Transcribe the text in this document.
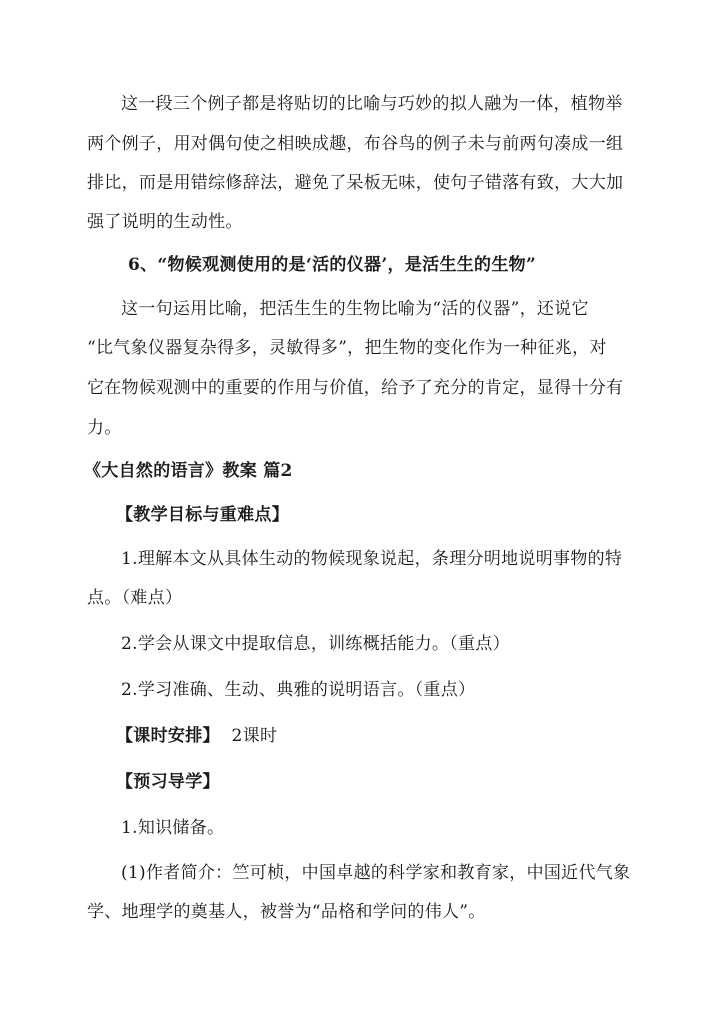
这一段三个例子都是将贴切的比喻与巧妙的拟人融为一体，植物举
两个例子，用对偶句使之相映成趣，布谷鸟的例子未与前两句凑成一组
排比，而是用错综修辞法，避免了呆板无味，使句子错落有致，大大加
强了说明的生动性。
6、“物候观测使用的是‘活的仪器’，是活生生的生物”
这一句运用比喻，把活生生的生物比喻为“活的仪器”，还说它
“比气象仪器复杂得多，灵敏得多”，把生物的变化作为一种征兆，对
它在物候观测中的重要的作用与价值，给予了充分的肯定，显得十分有
力。
《大自然的语言》教案 篇2
【教学目标与重难点】
1.理解本文从具体生动的物候现象说起，条理分明地说明事物的特
点。（难点）
2.学会从课文中提取信息，训练概括能力。（重点）
2.学习准确、生动、典雅的说明语言。（重点）
【课时安排】 2课时
【预习导学】
1.知识储备。
(1)作者简介：竺可桢，中国卓越的科学家和教育家，中国近代气象
学、地理学的奠基人，被誉为“品格和学问的伟人”。
